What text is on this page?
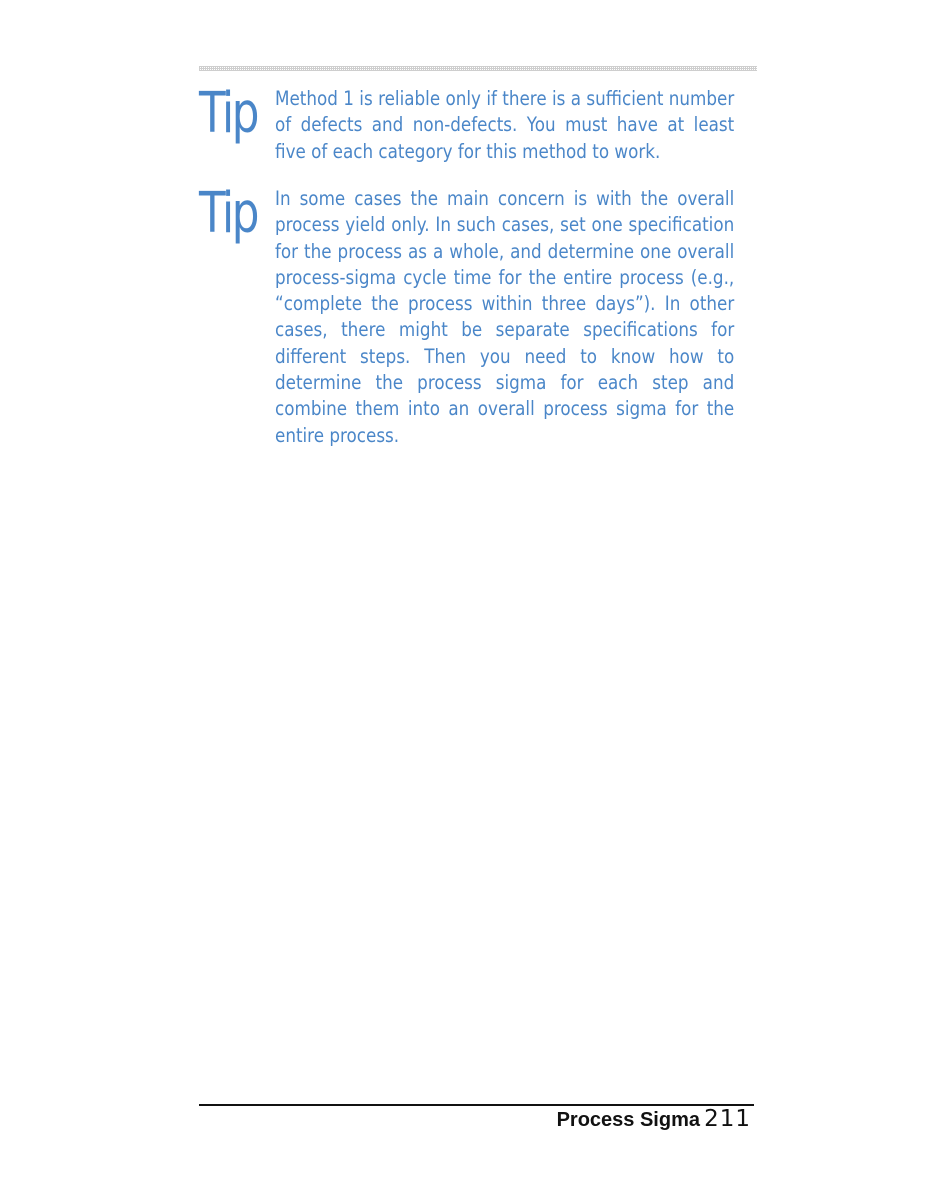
Tip Method 1 is reliable only if there is a sufficient number of defects and non-defects. You must have at least five of each category for this method to work.

Tip In some cases the main concern is with the overall process yield only. In such cases, set one specification for the process as a whole, and determine one overall process-sigma cycle time for the entire process (e.g., “complete the process within three days”). In other cases, there might be separate specifications for different steps. Then you need to know how to determine the process sigma for each step and combine them into an overall process sigma for the entire process.

Process Sigma 211
